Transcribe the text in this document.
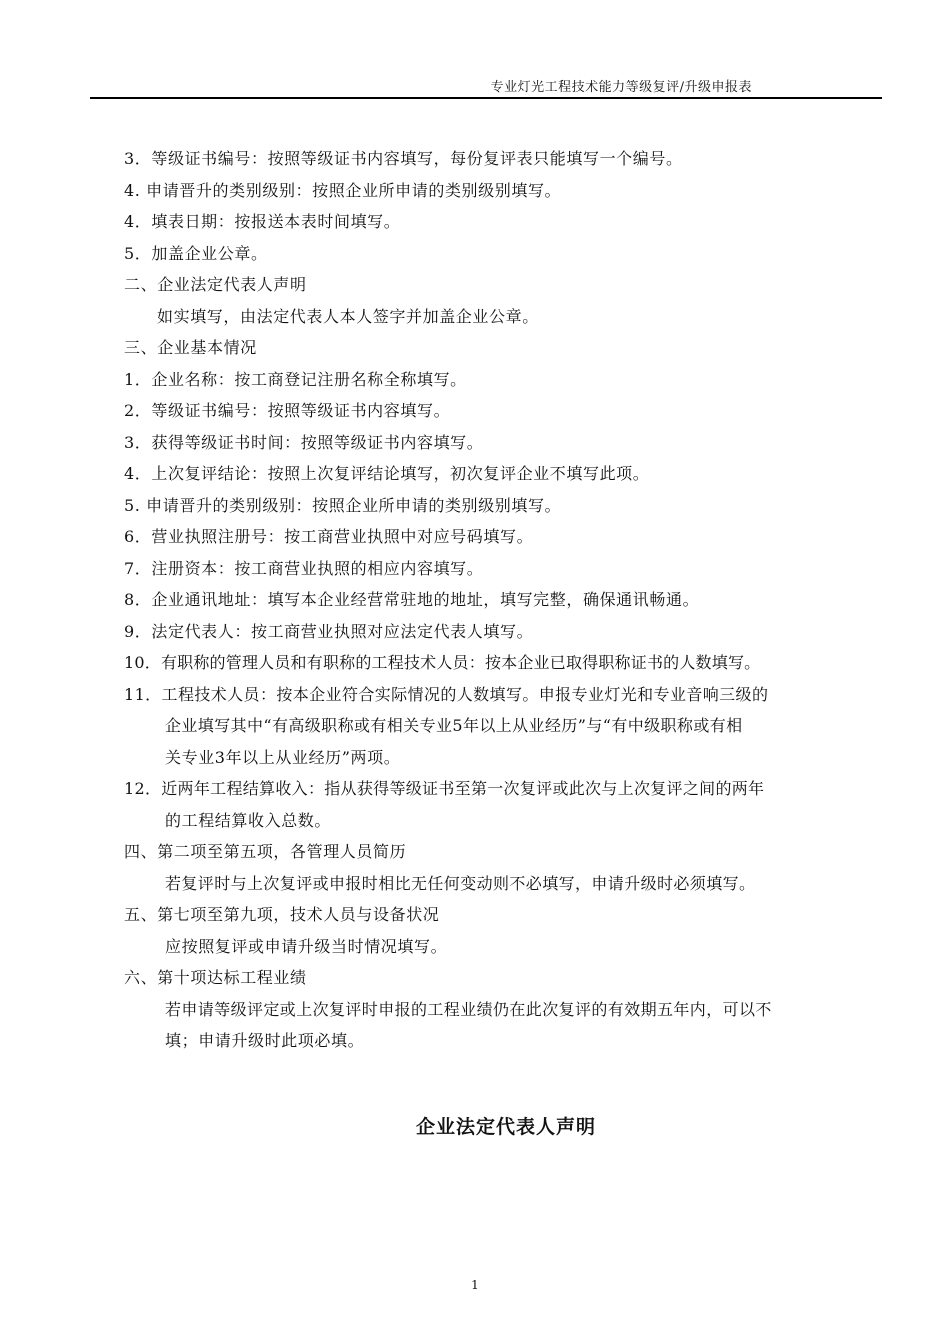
专业灯光工程技术能力等级复评/升级申报表
3．等级证书编号：按照等级证书内容填写，每份复评表只能填写一个编号。
4. 申请晋升的类别级别：按照企业所申请的类别级别填写。
4．填表日期：按报送本表时间填写。
5．加盖企业公章。
二、企业法定代表人声明
如实填写，由法定代表人本人签字并加盖企业公章。
三、企业基本情况
1．企业名称：按工商登记注册名称全称填写。
2．等级证书编号：按照等级证书内容填写。
3．获得等级证书时间：按照等级证书内容填写。
4．上次复评结论：按照上次复评结论填写，初次复评企业不填写此项。
5. 申请晋升的类别级别：按照企业所申请的类别级别填写。
6．营业执照注册号：按工商营业执照中对应号码填写。
7．注册资本：按工商营业执照的相应内容填写。
8．企业通讯地址：填写本企业经营常驻地的地址，填写完整，确保通讯畅通。
9．法定代表人：按工商营业执照对应法定代表人填写。
10．有职称的管理人员和有职称的工程技术人员：按本企业已取得职称证书的人数填写。
11．工程技术人员：按本企业符合实际情况的人数填写。申报专业灯光和专业音响三级的
企业填写其中“有高级职称或有相关专业5年以上从业经历”与“有中级职称或有相
关专业3年以上从业经历”两项。
12．近两年工程结算收入：指从获得等级证书至第一次复评或此次与上次复评之间的两年
的工程结算收入总数。
四、第二项至第五项，各管理人员简历
若复评时与上次复评或申报时相比无任何变动则不必填写，申请升级时必须填写。
五、第七项至第九项，技术人员与设备状况
应按照复评或申请升级当时情况填写。
六、第十项达标工程业绩
若申请等级评定或上次复评时申报的工程业绩仍在此次复评的有效期五年内，可以不
填；申请升级时此项必填。
企业法定代表人声明
1
